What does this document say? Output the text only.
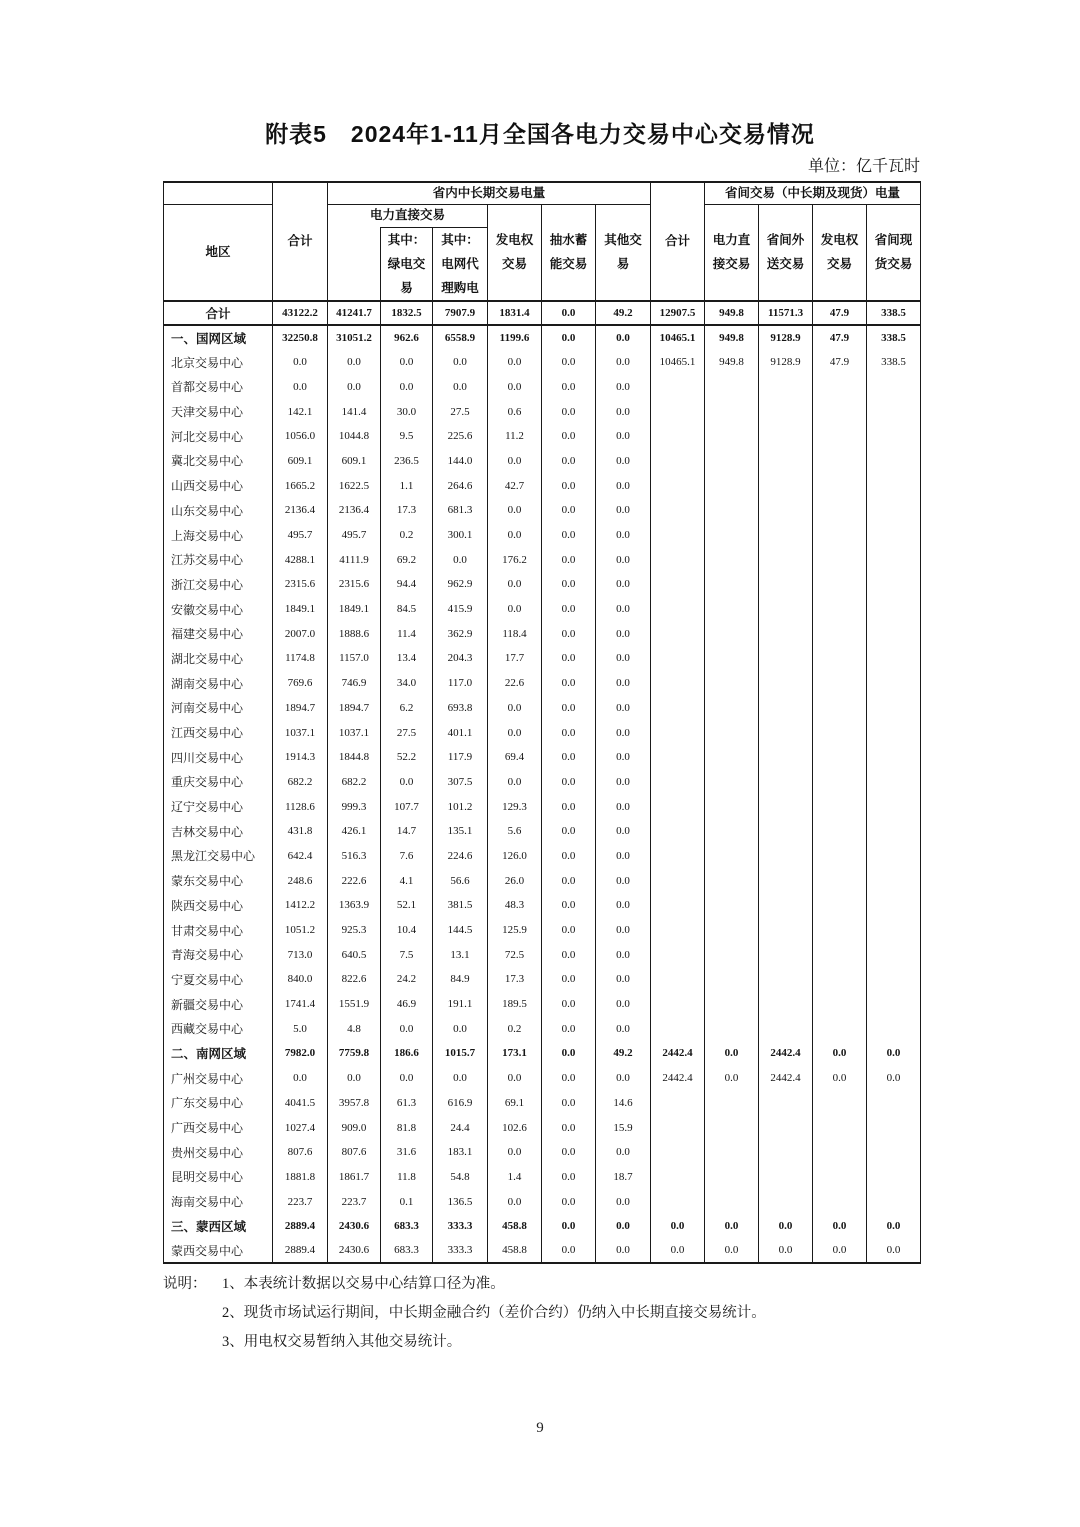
附表5　2024年1-11月全国各电力交易中心交易情况
单位：亿千瓦时
	合计	省内中长期交易电量						合计	省间交易（中长期及现货）电量			
地区		电力直接交易			发电权交易	抽水蓄能交易	其他交易		电力直接交易	省间外送交易	发电权交易	省间现货交易
			其中：绿电交易	其中：电网代理购电								
合计	43122.2	41241.7	1832.5	7907.9	1831.4	0.0	49.2	12907.5	949.8	11571.3	47.9	338.5
一、国网区域	32250.8	31051.2	962.6	6558.9	1199.6	0.0	0.0	10465.1	949.8	9128.9	47.9	338.5
北京交易中心	0.0	0.0	0.0	0.0	0.0	0.0	0.0	10465.1	949.8	9128.9	47.9	338.5
首都交易中心	0.0	0.0	0.0	0.0	0.0	0.0	0.0					
天津交易中心	142.1	141.4	30.0	27.5	0.6	0.0	0.0					
河北交易中心	1056.0	1044.8	9.5	225.6	11.2	0.0	0.0					
冀北交易中心	609.1	609.1	236.5	144.0	0.0	0.0	0.0					
山西交易中心	1665.2	1622.5	1.1	264.6	42.7	0.0	0.0					
山东交易中心	2136.4	2136.4	17.3	681.3	0.0	0.0	0.0					
上海交易中心	495.7	495.7	0.2	300.1	0.0	0.0	0.0					
江苏交易中心	4288.1	4111.9	69.2	0.0	176.2	0.0	0.0					
浙江交易中心	2315.6	2315.6	94.4	962.9	0.0	0.0	0.0					
安徽交易中心	1849.1	1849.1	84.5	415.9	0.0	0.0	0.0					
福建交易中心	2007.0	1888.6	11.4	362.9	118.4	0.0	0.0					
湖北交易中心	1174.8	1157.0	13.4	204.3	17.7	0.0	0.0					
湖南交易中心	769.6	746.9	34.0	117.0	22.6	0.0	0.0					
河南交易中心	1894.7	1894.7	6.2	693.8	0.0	0.0	0.0					
江西交易中心	1037.1	1037.1	27.5	401.1	0.0	0.0	0.0					
四川交易中心	1914.3	1844.8	52.2	117.9	69.4	0.0	0.0					
重庆交易中心	682.2	682.2	0.0	307.5	0.0	0.0	0.0					
辽宁交易中心	1128.6	999.3	107.7	101.2	129.3	0.0	0.0					
吉林交易中心	431.8	426.1	14.7	135.1	5.6	0.0	0.0					
黑龙江交易中心	642.4	516.3	7.6	224.6	126.0	0.0	0.0					
蒙东交易中心	248.6	222.6	4.1	56.6	26.0	0.0	0.0					
陕西交易中心	1412.2	1363.9	52.1	381.5	48.3	0.0	0.0					
甘肃交易中心	1051.2	925.3	10.4	144.5	125.9	0.0	0.0					
青海交易中心	713.0	640.5	7.5	13.1	72.5	0.0	0.0					
宁夏交易中心	840.0	822.6	24.2	84.9	17.3	0.0	0.0					
新疆交易中心	1741.4	1551.9	46.9	191.1	189.5	0.0	0.0					
西藏交易中心	5.0	4.8	0.0	0.0	0.2	0.0	0.0					
二、南网区域	7982.0	7759.8	186.6	1015.7	173.1	0.0	49.2	2442.4	0.0	2442.4	0.0	0.0
广州交易中心	0.0	0.0	0.0	0.0	0.0	0.0	0.0	2442.4	0.0	2442.4	0.0	0.0
广东交易中心	4041.5	3957.8	61.3	616.9	69.1	0.0	14.6					
广西交易中心	1027.4	909.0	81.8	24.4	102.6	0.0	15.9					
贵州交易中心	807.6	807.6	31.6	183.1	0.0	0.0	0.0					
昆明交易中心	1881.8	1861.7	11.8	54.8	1.4	0.0	18.7					
海南交易中心	223.7	223.7	0.1	136.5	0.0	0.0	0.0					
三、蒙西区域	2889.4	2430.6	683.3	333.3	458.8	0.0	0.0	0.0	0.0	0.0	0.0	0.0
蒙西交易中心	2889.4	2430.6	683.3	333.3	458.8	0.0	0.0	0.0	0.0	0.0	0.0	0.0
说明：	1、本表统计数据以交易中心结算口径为准。
2、现货市场试运行期间，中长期金融合约（差价合约）仍纳入中长期直接交易统计。
3、用电权交易暂纳入其他交易统计。
9
